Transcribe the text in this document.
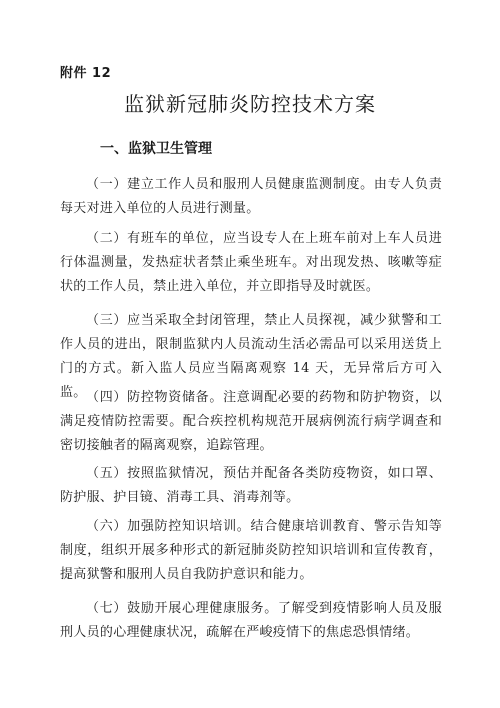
附件 12
监狱新冠肺炎防控技术方案
一、监狱卫生管理

（一）建立工作人员和服刑人员健康监测制度。由专人负责每天对进入单位的人员进行测量。

（二）有班车的单位，应当设专人在上班车前对上车人员进行体温测量，发热症状者禁止乘坐班车。对出现发热、咳嗽等症状的工作人员，禁止进入单位，并立即指导及时就医。

（三）应当采取全封闭管理，禁止人员探视，减少狱警和工作人员的进出，限制监狱内人员流动生活必需品可以采用送货上门的方式。新入监人员应当隔离观察 14 天，无异常后方可入监。 （四）防控物资储备。注意调配必要的药物和防护物资，以满足疫情防控需要。配合疾控机构规范开展病例流行病学调查和密切接触者的隔离观察，追踪管理。

（五）按照监狱情况，预估并配备各类防疫物资，如口罩、防护服、护目镜、消毒工具、消毒剂等。

（六）加强防控知识培训。结合健康培训教育、警示告知等制度，组织开展多种形式的新冠肺炎防控知识培训和宣传教育，提高狱警和服刑人员自我防护意识和能力。

（七）鼓励开展心理健康服务。了解受到疫情影响人员及服刑人员的心理健康状况，疏解在严峻疫情下的焦虑恐惧情绪。
